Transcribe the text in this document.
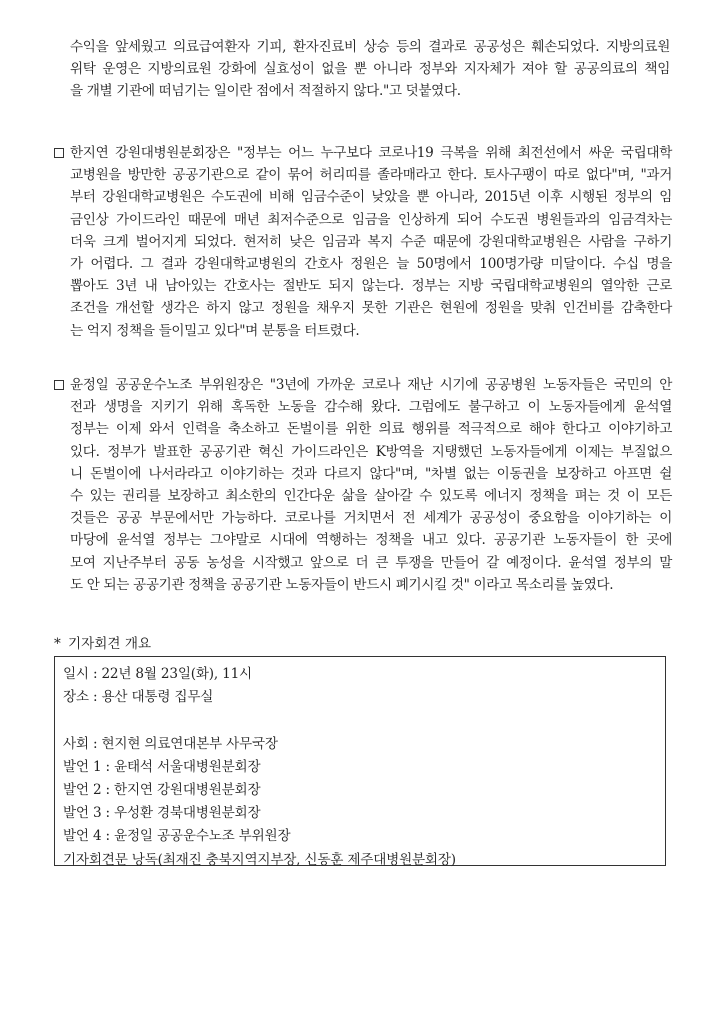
수익을 앞세웠고 의료급여환자 기피, 환자진료비 상승 등의 결과로 공공성은 훼손되었다. 지방의료원
위탁 운영은 지방의료원 강화에 실효성이 없을 뿐 아니라 정부와 지자체가 져야 할 공공의료의 책임
을 개별 기관에 떠넘기는 일이란 점에서 적절하지 않다."고 덧붙였다.
한지연 강원대병원분회장은 "정부는 어느 누구보다 코로나19 극복을 위해 최전선에서 싸운 국립대학
교병원을 방만한 공공기관으로 같이 묶어 허리띠를 졸라매라고 한다. 토사구팽이 따로 없다"며, "과거
부터 강원대학교병원은 수도권에 비해 임금수준이 낮았을 뿐 아니라, 2015년 이후 시행된 정부의 임
금인상 가이드라인 때문에 매년 최저수준으로 임금을 인상하게 되어 수도권 병원들과의 임금격차는
더욱 크게 벌어지게 되었다. 현저히 낮은 임금과 복지 수준 때문에 강원대학교병원은 사람을 구하기
가 어렵다. 그 결과 강원대학교병원의 간호사 정원은 늘 50명에서 100명가량 미달이다. 수십 명을
뽑아도 3년 내 남아있는 간호사는 절반도 되지 않는다. 정부는 지방 국립대학교병원의 열악한 근로
조건을 개선할 생각은 하지 않고 정원을 채우지 못한 기관은 현원에 정원을 맞춰 인건비를 감축한다
는 억지 정책을 들이밀고 있다"며 분통을 터트렸다.
윤정일 공공운수노조 부위원장은 "3년에 가까운 코로나 재난 시기에 공공병원 노동자들은 국민의 안
전과 생명을 지키기 위해 혹독한 노동을 감수해 왔다. 그럼에도 불구하고 이 노동자들에게 윤석열
정부는 이제 와서 인력을 축소하고 돈벌이를 위한 의료 행위를 적극적으로 해야 한다고 이야기하고
있다. 정부가 발표한 공공기관 혁신 가이드라인은 K방역을 지탱했던 노동자들에게 이제는 부질없으
니 돈벌이에 나서라라고 이야기하는 것과 다르지 않다"며, "차별 없는 이동권을 보장하고 아프면 쉴
수 있는 권리를 보장하고 최소한의 인간다운 삶을 살아갈 수 있도록 에너지 정책을 펴는 것 이 모든
것들은 공공 부문에서만 가능하다. 코로나를 거치면서 전 세계가 공공성이 중요함을 이야기하는 이
마당에 윤석열 정부는 그야말로 시대에 역행하는 정책을 내고 있다. 공공기관 노동자들이 한 곳에
모여 지난주부터 공동 농성을 시작했고 앞으로 더 큰 투쟁을 만들어 갈 예정이다. 윤석열 정부의 말
도 안 되는 공공기관 정책을 공공기관 노동자들이 반드시 폐기시킬 것" 이라고 목소리를 높였다.
* 기자회견 개요
일시 : 22년 8월 23일(화), 11시
장소 : 용산 대통령 집무실
사회 : 현지현 의료연대본부 사무국장
발언 1 : 윤태석 서울대병원분회장
발언 2 : 한지연 강원대병원분회장
발언 3 : 우성환 경북대병원분회장
발언 4 : 윤정일 공공운수노조 부위원장
기자회견문 낭독(최재진 충북지역지부장, 신동훈 제주대병원분회장)
